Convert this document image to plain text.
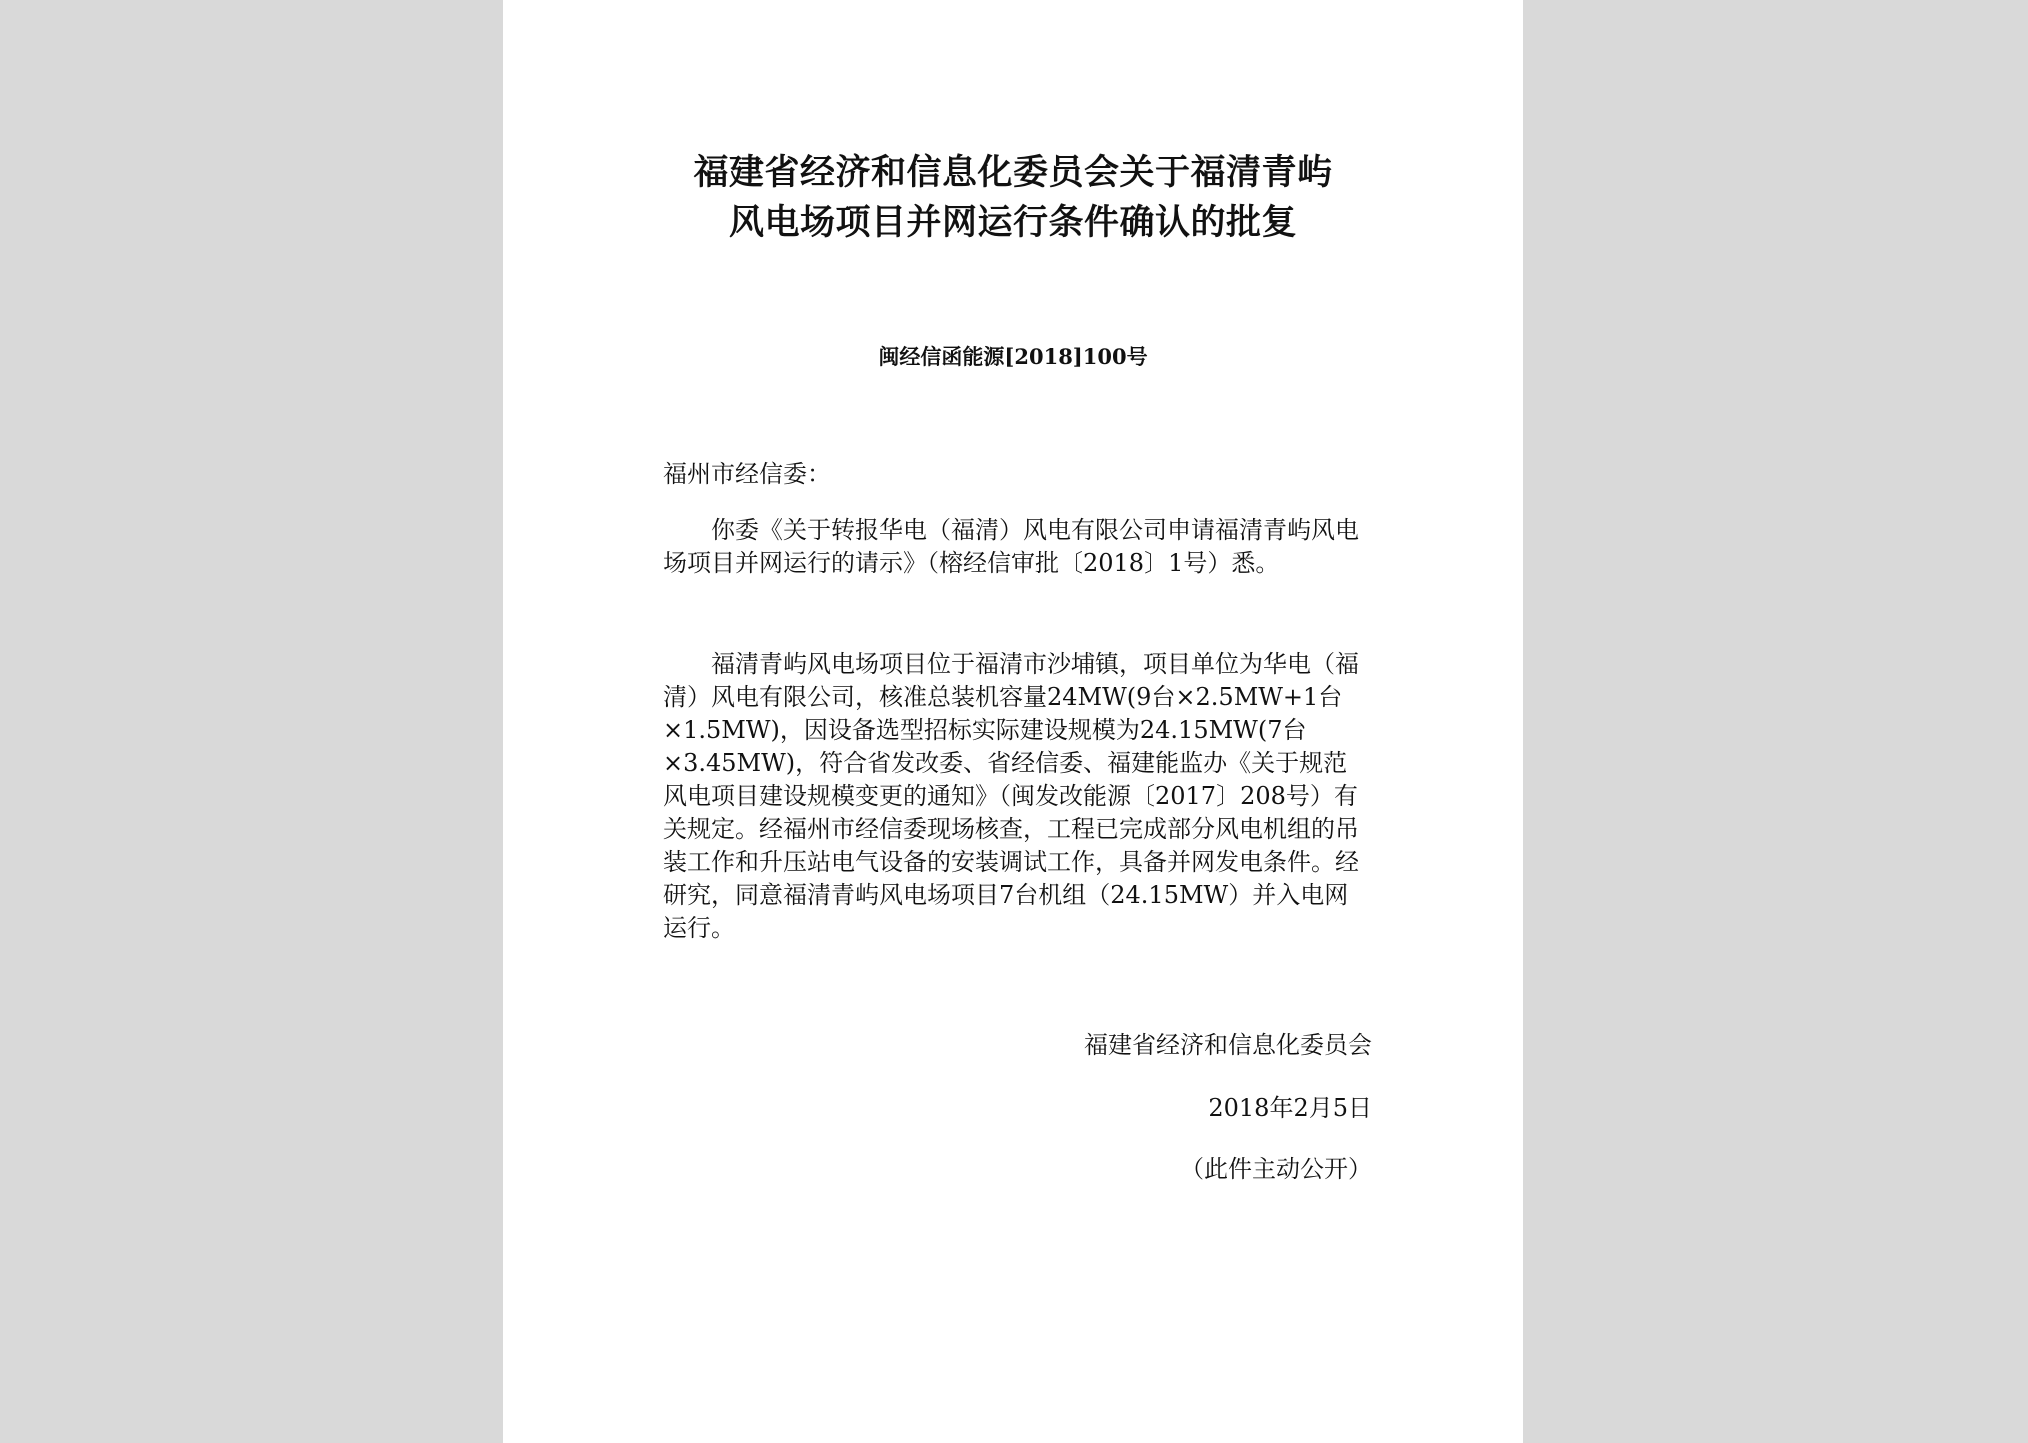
福建省经济和信息化委员会关于福清青屿
风电场项目并网运行条件确认的批复
闽经信函能源[2018]100号
福州市经信委：
你委《关于转报华电（福清）风电有限公司申请福清青屿风电场项目并网运行的请示》（榕经信审批〔2018〕1号）悉。
福清青屿风电场项目位于福清市沙埔镇，项目单位为华电（福清）风电有限公司，核准总装机容量24MW(9台×2.5MW+1台×1.5MW)，因设备选型招标实际建设规模为24.15MW(7台×3.45MW)，符合省发改委、省经信委、福建能监办《关于规范风电项目建设规模变更的通知》（闽发改能源〔2017〕208号）有关规定。经福州市经信委现场核查，工程已完成部分风电机组的吊装工作和升压站电气设备的安装调试工作，具备并网发电条件。经研究，同意福清青屿风电场项目7台机组（24.15MW）并入电网运行。
福建省经济和信息化委员会
2018年2月5日
（此件主动公开）
